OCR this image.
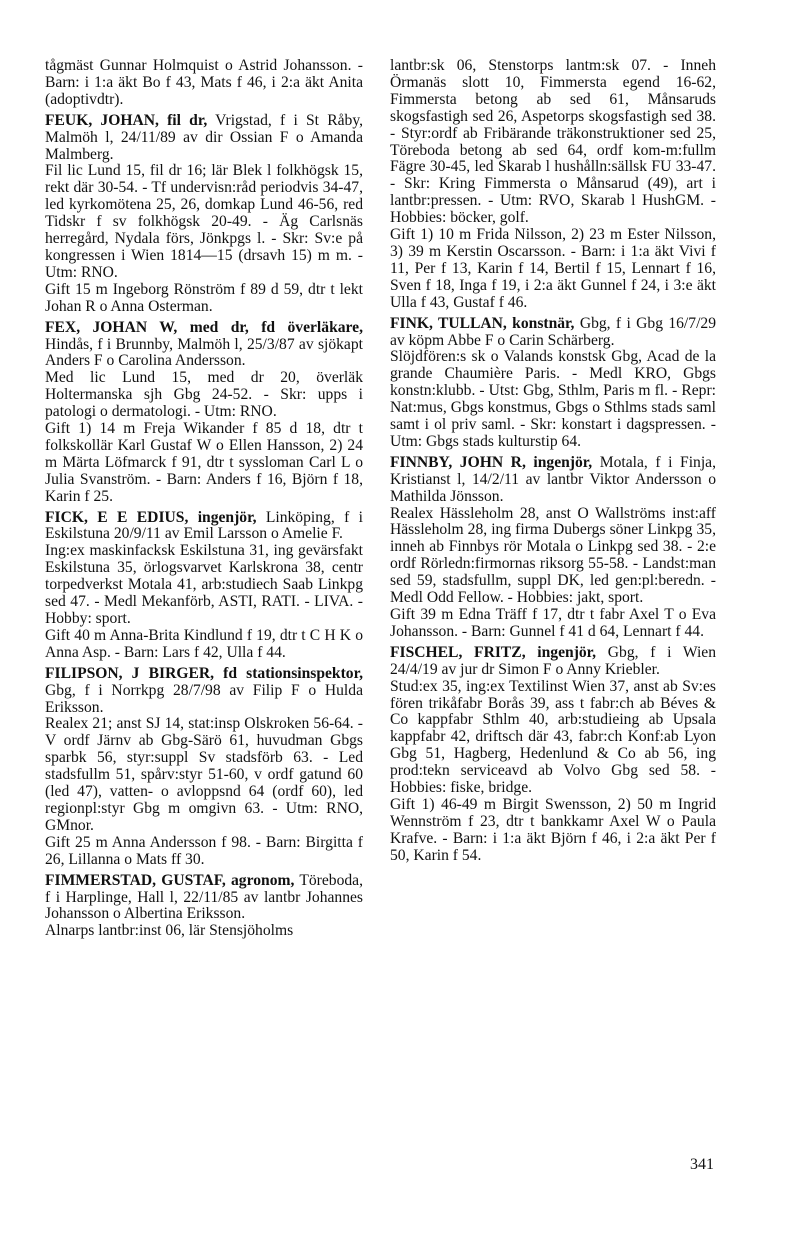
tågmäst Gunnar Holmquist o Astrid Johansson. - Barn: i 1:a äkt Bo f 43, Mats f 46, i 2:a äkt Anita (adoptivdtr).

FEUK, JOHAN, fil dr, Vrigstad, f i St Råby, Malmöh l, 24/11/89 av dir Ossian F o Amanda Malmberg.

Fil lic Lund 15, fil dr 16; lär Blek l folkhögsk 15, rekt där 30-54. - Tf undervisn:råd periodvis 34-47, led kyrkomötena 25, 26, domkap Lund 46-56, red Tidskr f sv folkhögsk 20-49. - Äg Carlsnäs herregård, Nydala förs, Jönkpgs l. - Skr: Sv:e på kongressen i Wien 1814—15 (drsavh 15) m m. - Utm: RNO.

Gift 15 m Ingeborg Rönström f 89 d 59, dtr t lekt Johan R o Anna Osterman.

FEX, JOHAN W, med dr, fd överläkare, Hindås, f i Brunnby, Malmöh l, 25/3/87 av sjökapt Anders F o Carolina Andersson.

Med lic Lund 15, med dr 20, överläk Holtermanska sjh Gbg 24-52. - Skr: upps i patologi o dermatologi. - Utm: RNO.

Gift 1) 14 m Freja Wikander f 85 d 18, dtr t folkskollär Karl Gustaf W o Ellen Hansson, 2) 24 m Märta Löfmarck f 91, dtr t syssloman Carl L o Julia Svanström. - Barn: Anders f 16, Björn f 18, Karin f 25.

FICK, E E EDIUS, ingenjör, Linköping, f i Eskilstuna 20/9/11 av Emil Larsson o Amelie F.

Ing:ex maskinfacksk Eskilstuna 31, ing gevärsfakt Eskilstuna 35, örlogsvarvet Karlskrona 38, centr torpedverkst Motala 41, arb:studiech Saab Linkpg sed 47. - Medl Mekanförb, ASTI, RATI. - LIVA. - Hobby: sport.

Gift 40 m Anna-Brita Kindlund f 19, dtr t C H K o Anna Asp. - Barn: Lars f 42, Ulla f 44.

FILIPSON, J BIRGER, fd stationsinspektor, Gbg, f i Norrkpg 28/7/98 av Filip F o Hulda Eriksson.

Realex 21; anst SJ 14, stat:insp Olskroken 56-64. - V ordf Järnv ab Gbg-Särö 61, huvudman Gbgs sparbk 56, styr:suppl Sv stadsförb 63. - Led stadsfullm 51, spårv:styr 51-60, v ordf gatund 60 (led 47), vatten- o avloppsnd 64 (ordf 60), led regionpl:styr Gbg m omgivn 63. - Utm: RNO, GMnor.

Gift 25 m Anna Andersson f 98. - Barn: Birgitta f 26, Lillanna o Mats ff 30.

FIMMERSTAD, GUSTAF, agronom, Töreboda, f i Harplinge, Hall l, 22/11/85 av lantbr Johannes Johansson o Albertina Eriksson.

Alnarps lantbr:inst 06, lär Stensjöholms

lantbr:sk 06, Stenstorps lantm:sk 07. - Inneh Örmanäs slott 10, Fimmersta egend 16-62, Fimmersta betong ab sed 61, Månsaruds skogsfastigh sed 26, Aspetorps skogsfastigh sed 38. - Styr:ordf ab Fribärande träkonstruktioner sed 25, Töreboda betong ab sed 64, ordf kom-m:fullm Fägre 30-45, led Skarab l hushålln:sällsk FU 33-47. - Skr: Kring Fimmersta o Månsarud (49), art i lantbr:pressen. - Utm: RVO, Skarab l HushGM. - Hobbies: böcker, golf.

Gift 1) 10 m Frida Nilsson, 2) 23 m Ester Nilsson, 3) 39 m Kerstin Oscarsson. - Barn: i 1:a äkt Vivi f 11, Per f 13, Karin f 14, Bertil f 15, Lennart f 16, Sven f 18, Inga f 19, i 2:a äkt Gunnel f 24, i 3:e äkt Ulla f 43, Gustaf f 46.

FINK, TULLAN, konstnär, Gbg, f i Gbg 16/7/29 av köpm Abbe F o Carin Schärberg.

Slöjdfören:s sk o Valands konstsk Gbg, Acad de la grande Chaumière Paris. - Medl KRO, Gbgs konstn:klubb. - Utst: Gbg, Sthlm, Paris m fl. - Repr: Nat:mus, Gbgs konstmus, Gbgs o Sthlms stads saml samt i ol priv saml. - Skr: konstart i dagspressen. - Utm: Gbgs stads kulturstip 64.

FINNBY, JOHN R, ingenjör, Motala, f i Finja, Kristianst l, 14/2/11 av lantbr Viktor Andersson o Mathilda Jönsson.

Realex Hässleholm 28, anst O Wallströms inst:aff Hässleholm 28, ing firma Dubergs söner Linkpg 35, inneh ab Finnbys rör Motala o Linkpg sed 38. - 2:e ordf Rörledn:firmornas riksorg 55-58. - Landst:man sed 59, stadsfullm, suppl DK, led gen:pl:beredn. - Medl Odd Fellow. - Hobbies: jakt, sport.

Gift 39 m Edna Träff f 17, dtr t fabr Axel T o Eva Johansson. - Barn: Gunnel f 41 d 64, Lennart f 44.

FISCHEL, FRITZ, ingenjör, Gbg, f i Wien 24/4/19 av jur dr Simon F o Anny Kriebler.

Stud:ex 35, ing:ex Textilinst Wien 37, anst ab Sv:es fören trikåfabr Borås 39, ass t fabr:ch ab Béves & Co kappfabr Sthlm 40, arb:studieing ab Upsala kappfabr 42, driftsch där 43, fabr:ch Konf:ab Lyon Gbg 51, Hagberg, Hedenlund & Co ab 56, ing prod:tekn serviceavd ab Volvo Gbg sed 58. - Hobbies: fiske, bridge.

Gift 1) 46-49 m Birgit Swensson, 2) 50 m Ingrid Wennström f 23, dtr t bankkamr Axel W o Paula Krafve. - Barn: i 1:a äkt Björn f 46, i 2:a äkt Per f 50, Karin f 54.

341
